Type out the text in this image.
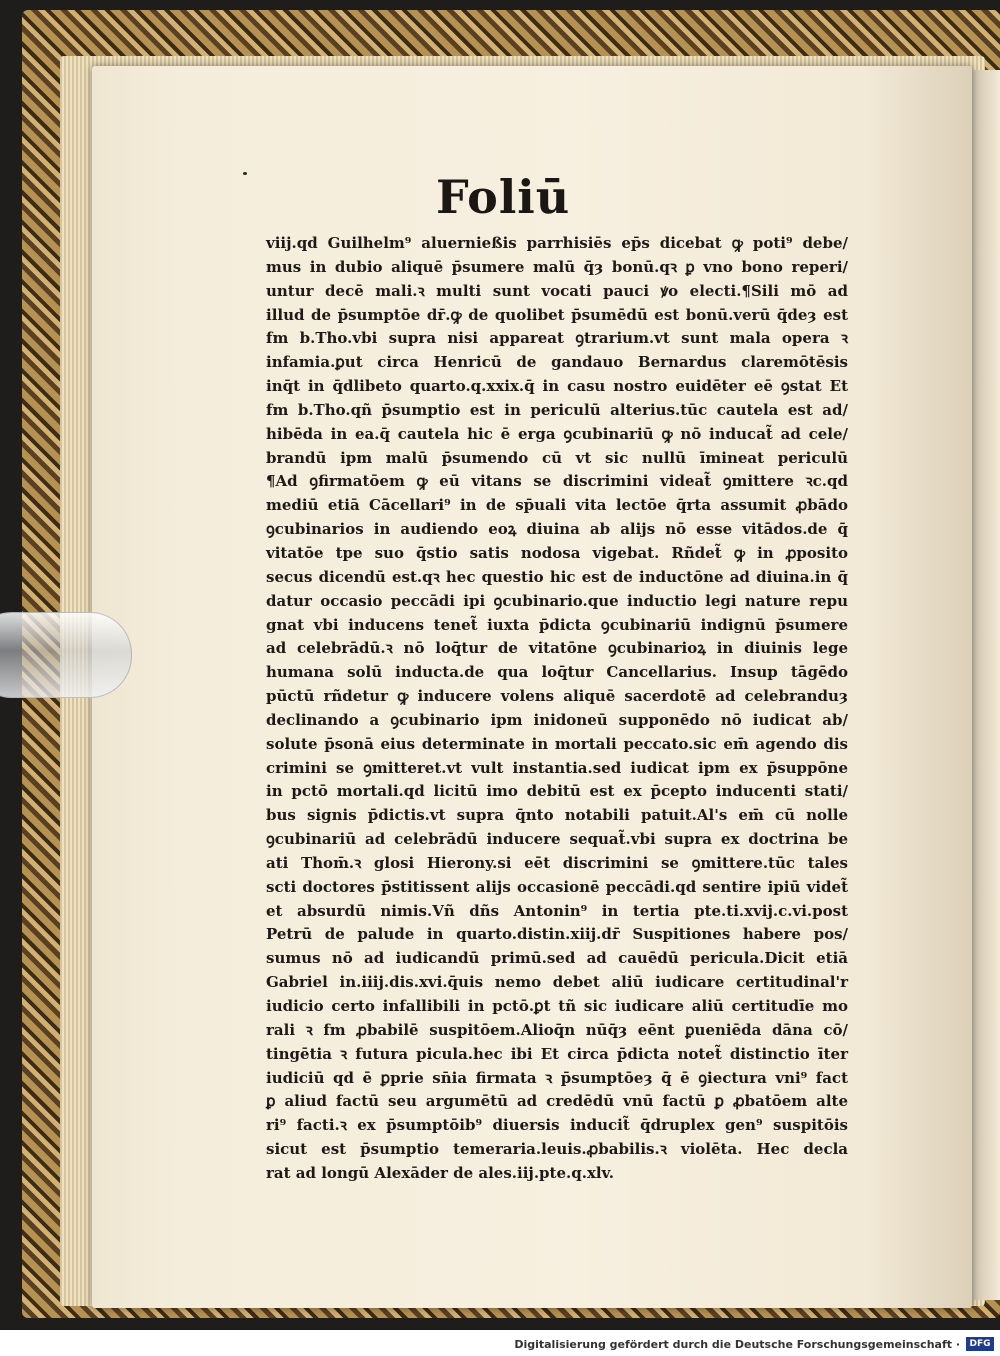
Foliū
viij.qd Guilhelm⁹ aluernießis parrhisiēs ep̄s dicebat ꝙ poti⁹ debe/
mus in dubio aliquē p̄sumere malū q̄ȝ bonū.qꝛ ꝑ vno bono reperi/
untur decē mali.ꝛ multi sunt vocati pauci ꝟo electi.¶Sili mō ad
illud de p̄sumptōe dr̄.ꝙ de quolibet p̄sumēdū est bonū.verū q̄deȝ est
fm b.Tho.vbi supra nisi appareat ꝯtrarium.vt sunt mala opera ꝛ
infamia.ꝑut circa Henricū de gandauo Bernardus claremōtēsis
inq̄t in q̄dlibeto quarto.q.xxix.q̄ in casu nostro euidēter eē ꝯstat Et
fm b.Tho.qñ p̄sumptio est in periculū alterius.tūc cautela est ad/
hibēda in ea.q̄ cautela hic ē erga ꝯcubinariū ꝙ nō inducat̃ ad cele/
brandū ipm malū p̄sumendo cū vt sic nullū īmineat periculū
¶Ad ꝯfirmatōem ꝙ eū vitans se discrimini videat̃ ꝯmittere ꝛc.qd
mediū etiā Cācellari⁹ in de sp̄uali vita lectōe q̄rta assumit ꝓbādo
ꝯcubinarios in audiendo eoꝝ diuina ab alijs nō esse vitādos.de q̄
vitatōe tpe suo q̄stio satis nodosa vigebat. Rñdet̃ ꝙ in ꝓposito
secus dicendū est.qꝛ hec questio hic est de inductōne ad diuina.in q̄
datur occasio peccādi ipi ꝯcubinario.que inductio legi nature repu
gnat vbi inducens tenet̃ iuxta p̄dicta ꝯcubinariū indignū p̄sumere
ad celebrādū.ꝛ nō loq̄tur de vitatōne ꝯcubinarioꝝ in diuinis lege
humana solū inducta.de qua loq̄tur Cancellarius. Insup tāgēdo
pūctū rñdetur ꝙ inducere volens aliquē sacerdotē ad celebranduȝ
declinando a ꝯcubinario ipm inidoneū supponēdo nō iudicat ab/
solute p̄sonā eius determinate in mortali peccato.sic em̄ agendo dis
crimini se ꝯmitteret.vt vult instantia.sed iudicat ipm ex p̄suppōne
in pctō mortali.qd licitū imo debitū est ex p̄cepto inducenti stati/
bus signis p̄dictis.vt supra q̄nto notabili patuit.Al's em̄ cū nolle
ꝯcubinariū ad celebrādū inducere sequat̃.vbi supra ex doctrina be
ati Thom̄.ꝛ glosi Hierony.si eēt discrimini se ꝯmittere.tūc tales
scti doctores p̄stitissent alijs occasionē peccādi.qd sentire ipiū videt̃
et absurdū nimis.Vñ dñs Antonin⁹ in tertia pte.ti.xvij.c.vi.post
Petrū de palude in quarto.distin.xiij.dr̄ Suspitiones habere pos/
sumus nō ad iudicandū primū.sed ad cauēdū pericula.Dicit etiā
Gabriel in.iiij.dis.xvi.q̄uis nemo debet aliū iudicare certitudinal'r
iudicio certo infallibili in pctō.ꝑt tñ sic iudicare aliū certitudīe mo
rali ꝛ fm ꝓbabilē suspitōem.Alioq̄n nūq̄ȝ eēnt ꝑueniēda dāna cō/
tingētia ꝛ futura picula.hec ibi Et circa p̄dicta notet̃ distinctio īter
iudiciū qd ē ꝑprie sn̄ia firmata ꝛ p̄sumptōeȝ q̄ ē ꝯiectura vni⁹ fact
ꝑ aliud factū seu argumētū ad credēdū vnū factū ꝑ ꝓbatōem alte
ri⁹ facti.ꝛ ex p̄sumptōib⁹ diuersis inducit̃ q̄druplex gen⁹ suspitōis
sicut est p̄sumptio temeraria.leuis.ꝓbabilis.ꝛ violēta. Hec decla
rat ad longū Alexāder de ales.iij.pte.q.xlv.
Digitalisierung gefördert durch die Deutsche Forschungsgemeinschaft ·	DFG
